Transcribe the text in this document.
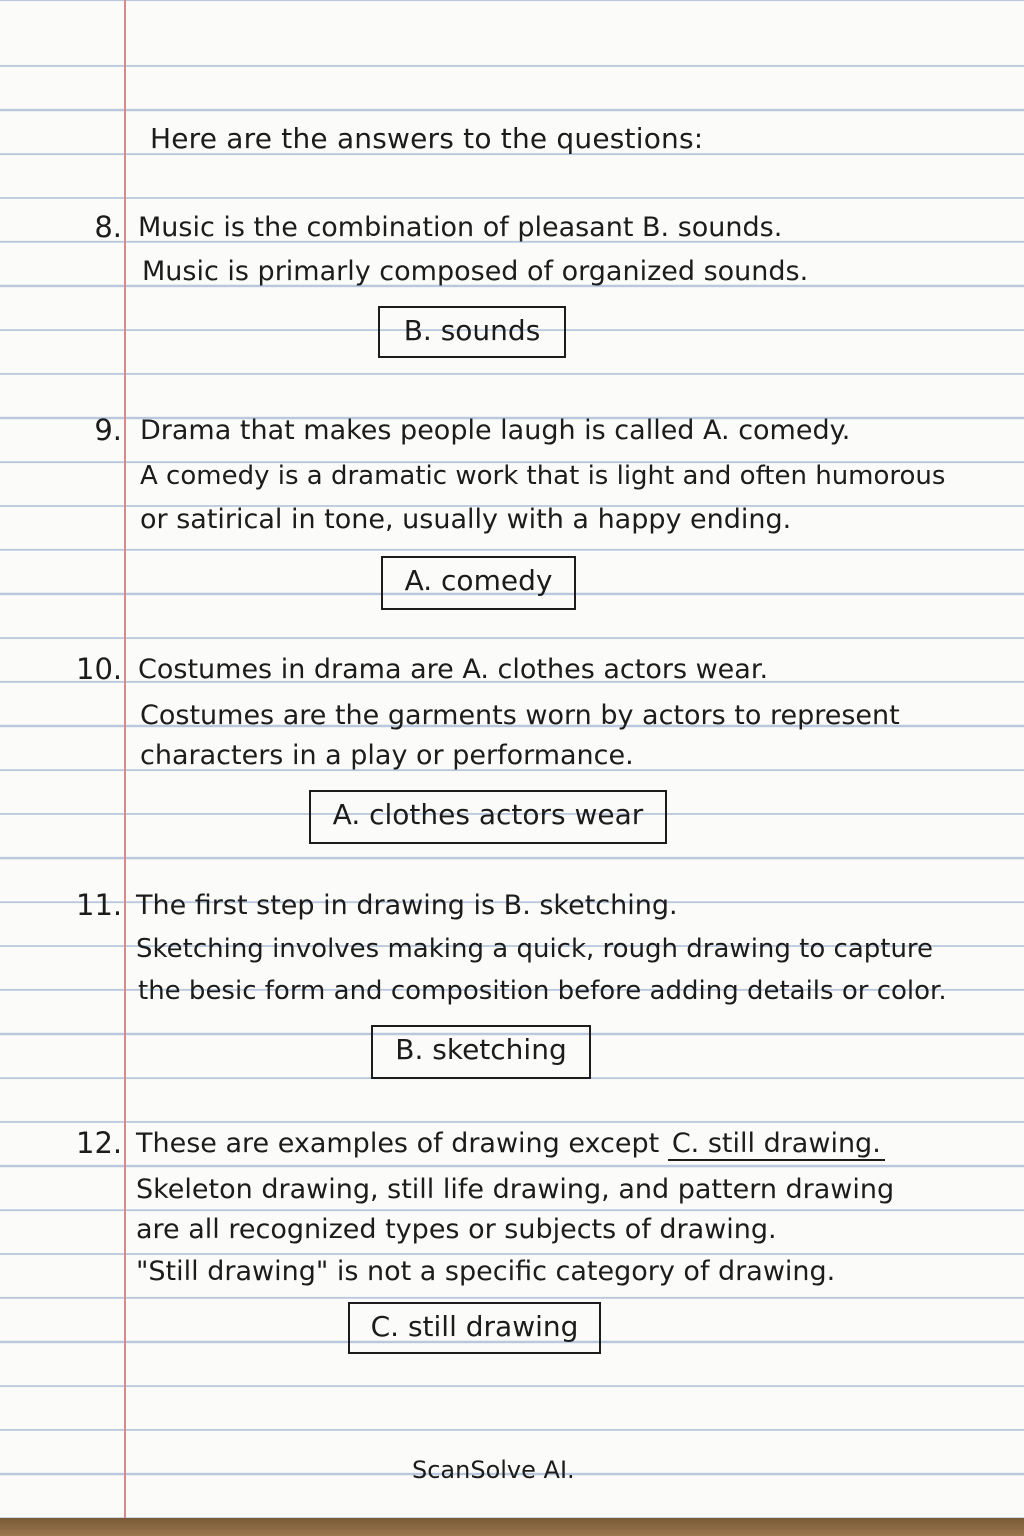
Here are the answers to the questions:
8. Music is the combination of pleasant B. sounds.
Music is primarly composed of organized sounds.
B. sounds
9. Drama that makes people laugh is called A. comedy.
A comedy is a dramatic work that is light and often humorous
or satirical in tone, usually with a happy ending.
A. comedy
10. Costumes in drama are A. clothes actors wear.
Costumes are the garments worn by actors to represent
characters in a play or performance.
A. clothes actors wear
11. The first step in drawing is B. sketching.
Sketching involves making a quick, rough drawing to capture
the besic form and composition before adding details or color.
B. sketching
12. These are examples of drawing except C. still drawing.
Skeleton drawing, still life drawing, and pattern drawing
are all recognized types or subjects of drawing.
"Still drawing" is not a specific category of drawing.
C. still drawing
ScanSolve AI.
